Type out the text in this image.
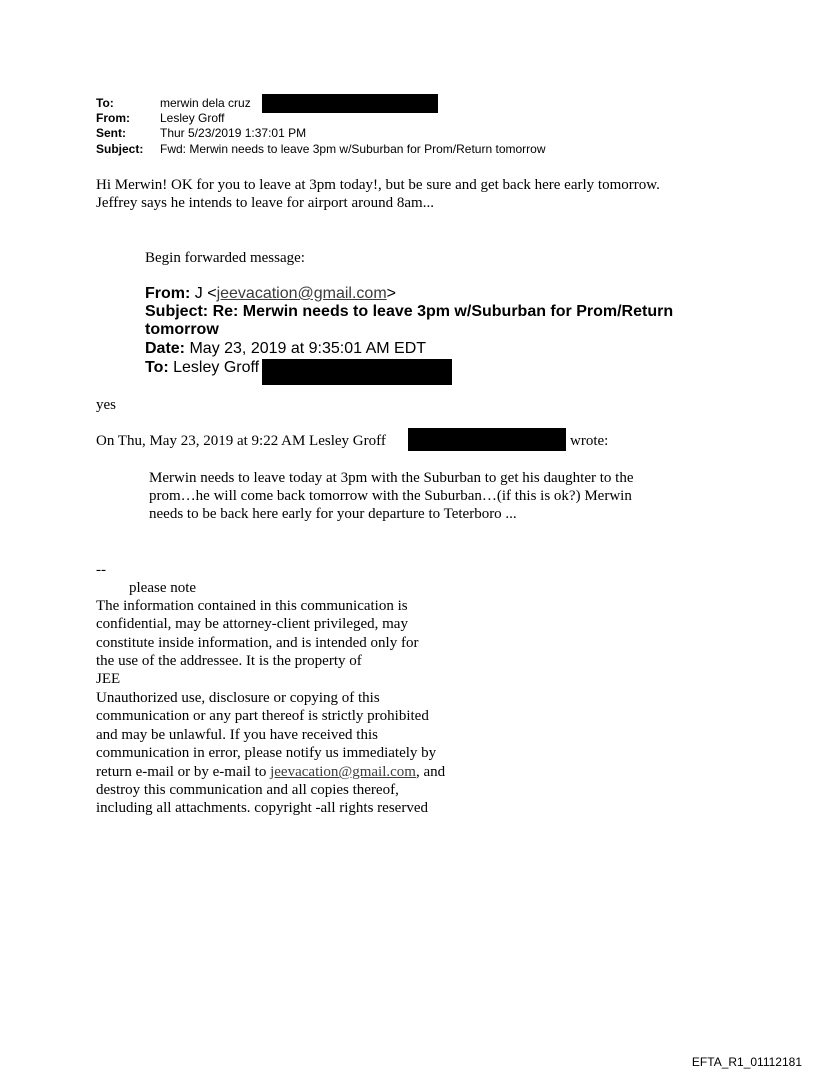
To:	merwin dela cruz
From:	Lesley Groff
Sent:	Thur 5/23/2019 1:37:01 PM
Subject: Fwd: Merwin needs to leave 3pm w/Suburban for Prom/Return tomorrow
Hi Merwin! OK for you to leave at 3pm today!, but be sure and get back here early tomorrow.
Jeffrey says he intends to leave for airport around 8am...
Begin forwarded message:
From: J <jeevacation@gmail.com>
Subject: Re: Merwin needs to leave 3pm w/Suburban for Prom/Return
tomorrow
Date: May 23, 2019 at 9:35:01 AM EDT
To: Lesley Groff
yes
On Thu, May 23, 2019 at 9:22 AM Lesley Groff	wrote:
Merwin needs to leave today at 3pm with the Suburban to get his daughter to the
prom…he will come back tomorrow with the Suburban…(if this is ok?) Merwin
needs to be back here early for your departure to Teterboro ...
--
please note
The information contained in this communication is
confidential, may be attorney-client privileged, may
constitute inside information, and is intended only for
the use of the addressee. It is the property of
JEE
Unauthorized use, disclosure or copying of this
communication or any part thereof is strictly prohibited
and may be unlawful. If you have received this
communication in error, please notify us immediately by
return e-mail or by e-mail to jeevacation@gmail.com, and
destroy this communication and all copies thereof,
including all attachments. copyright -all rights reserved
EFTA_R1_01112181
